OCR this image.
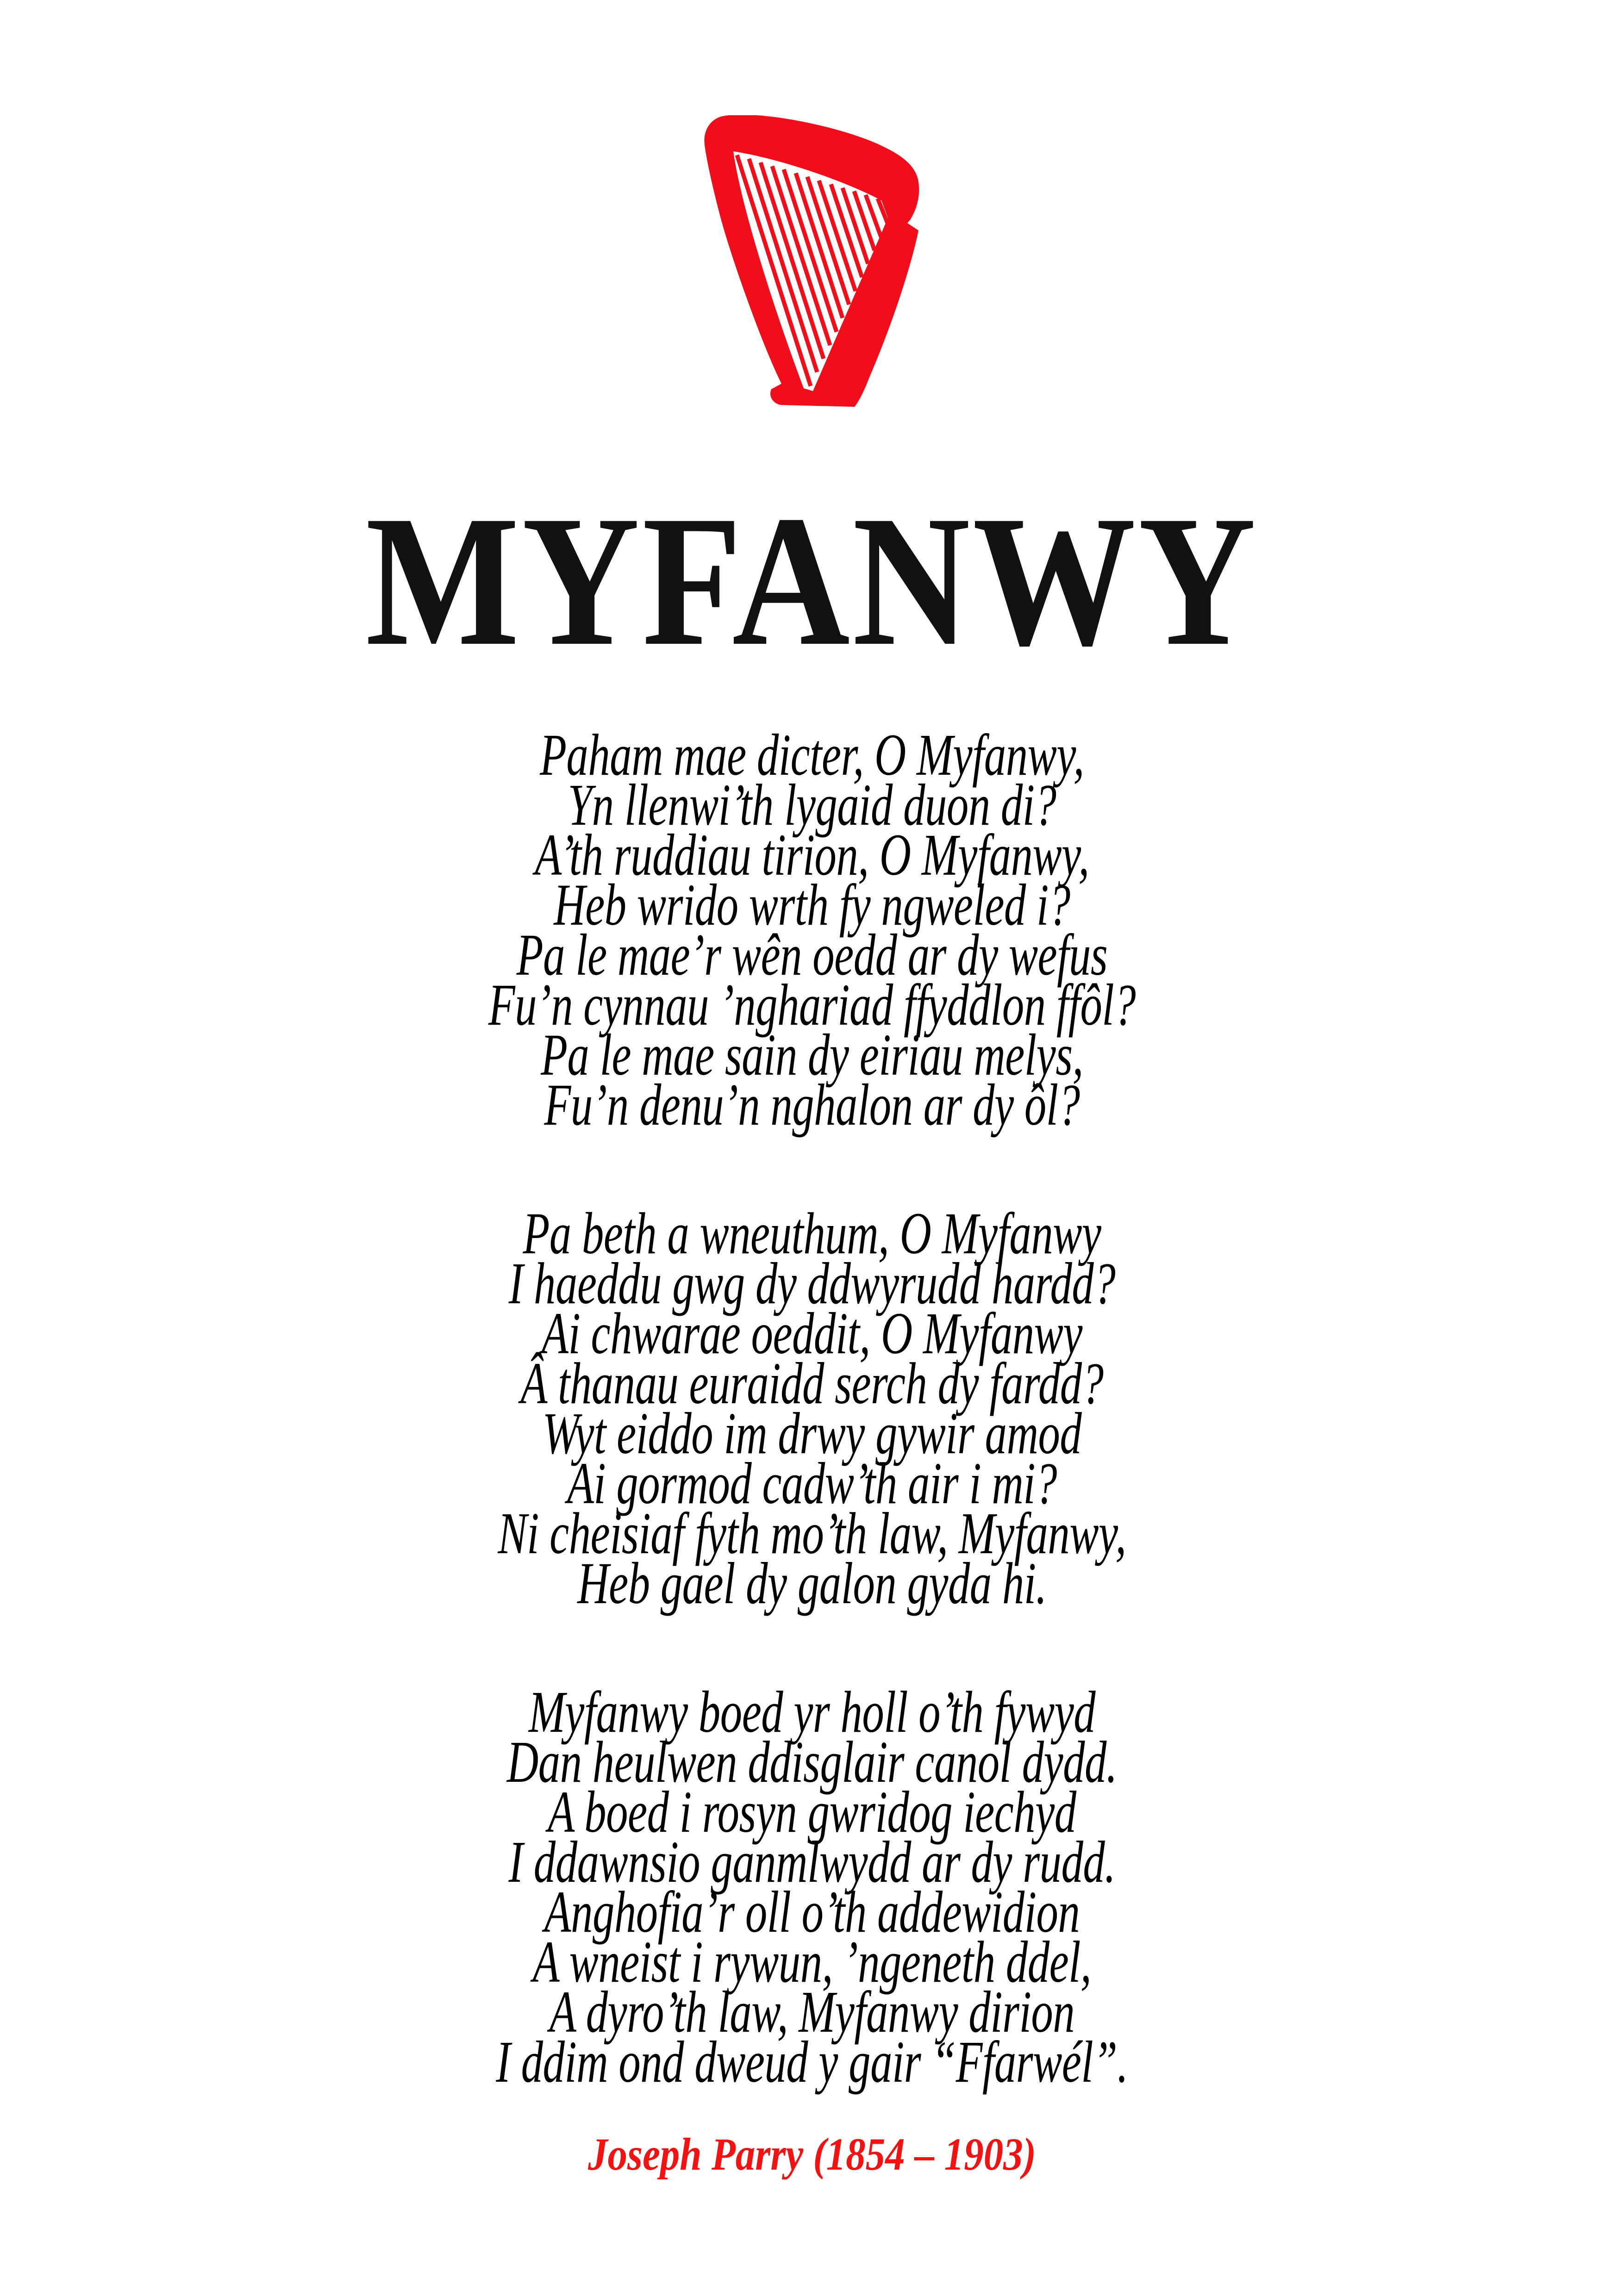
MYFANWY
Paham mae dicter, O Myfanwy,
Yn llenwi’th lygaid duon di?
A’th ruddiau tirion, O Myfanwy,
Heb wrido wrth fy ngweled i?
Pa le mae’r wên oedd ar dy wefus
Fu’n cynnau ’nghariad ffyddlon ffôl?
Pa le mae sain dy eiriau melys,
Fu’n denu’n nghalon ar dy ôl?
Pa beth a wneuthum, O Myfanwy
I haeddu gwg dy ddwyrudd hardd?
Ai chwarae oeddit, O Myfanwy
Â thanau euraidd serch dy fardd?
Wyt eiddo im drwy gywir amod
Ai gormod cadw’th air i mi?
Ni cheisiaf fyth mo’th law, Myfanwy,
Heb gael dy galon gyda hi.
Myfanwy boed yr holl o’th fywyd
Dan heulwen ddisglair canol dydd.
A boed i rosyn gwridog iechyd
I ddawnsio ganmlwydd ar dy rudd.
Anghofia’r oll o’th addewidion
A wneist i rywun, ’ngeneth ddel,
A dyro’th law, Myfanwy dirion
I ddim ond dweud y gair “Ffarwél”.
Joseph Parry (1854 – 1903)
